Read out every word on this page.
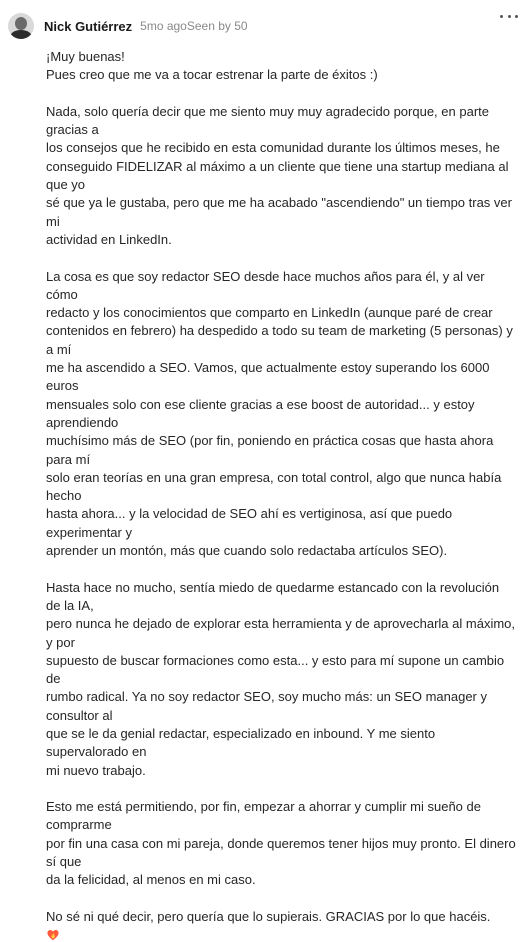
Nick Gutiérrez 5mo ago Seen by 50

¡Muy buenas!
Pues creo que me va a tocar estrenar la parte de éxitos :)

Nada, solo quería decir que me siento muy muy agradecido porque, en parte gracias a
los consejos que he recibido en esta comunidad durante los últimos meses, he
conseguido FIDELIZAR al máximo a un cliente que tiene una startup mediana al que yo
sé que ya le gustaba, pero que me ha acabado "ascendiendo" un tiempo tras ver mi
actividad en LinkedIn.

La cosa es que soy redactor SEO desde hace muchos años para él, y al ver cómo
redacto y los conocimientos que comparto en LinkedIn (aunque paré de crear
contenidos en febrero) ha despedido a todo su team de marketing (5 personas) y a mí
me ha ascendido a SEO. Vamos, que actualmente estoy superando los 6000 euros
mensuales solo con ese cliente gracias a ese boost de autoridad... y estoy aprendiendo
muchísimo más de SEO (por fin, poniendo en práctica cosas que hasta ahora para mí
solo eran teorías en una gran empresa, con total control, algo que nunca había hecho
hasta ahora... y la velocidad de SEO ahí es vertiginosa, así que puedo experimentar y
aprender un montón, más que cuando solo redactaba artículos SEO).

Hasta hace no mucho, sentía miedo de quedarme estancado con la revolución de la IA,
pero nunca he dejado de explorar esta herramienta y de aprovecharla al máximo, y por
supuesto de buscar formaciones como esta... y esto para mí supone un cambio de
rumbo radical. Ya no soy redactor SEO, soy mucho más: un SEO manager y consultor al
que se le da genial redactar, especializado en inbound. Y me siento supervalorado en
mi nuevo trabajo.

Esto me está permitiendo, por fin, empezar a ahorrar y cumplir mi sueño de comprarme
por fin una casa con mi pareja, donde queremos tener hijos muy pronto. El dinero sí que
da la felicidad, al menos en mi caso.

No sé ni qué decir, pero quería que lo supierais. GRACIAS por lo que hacéis.
